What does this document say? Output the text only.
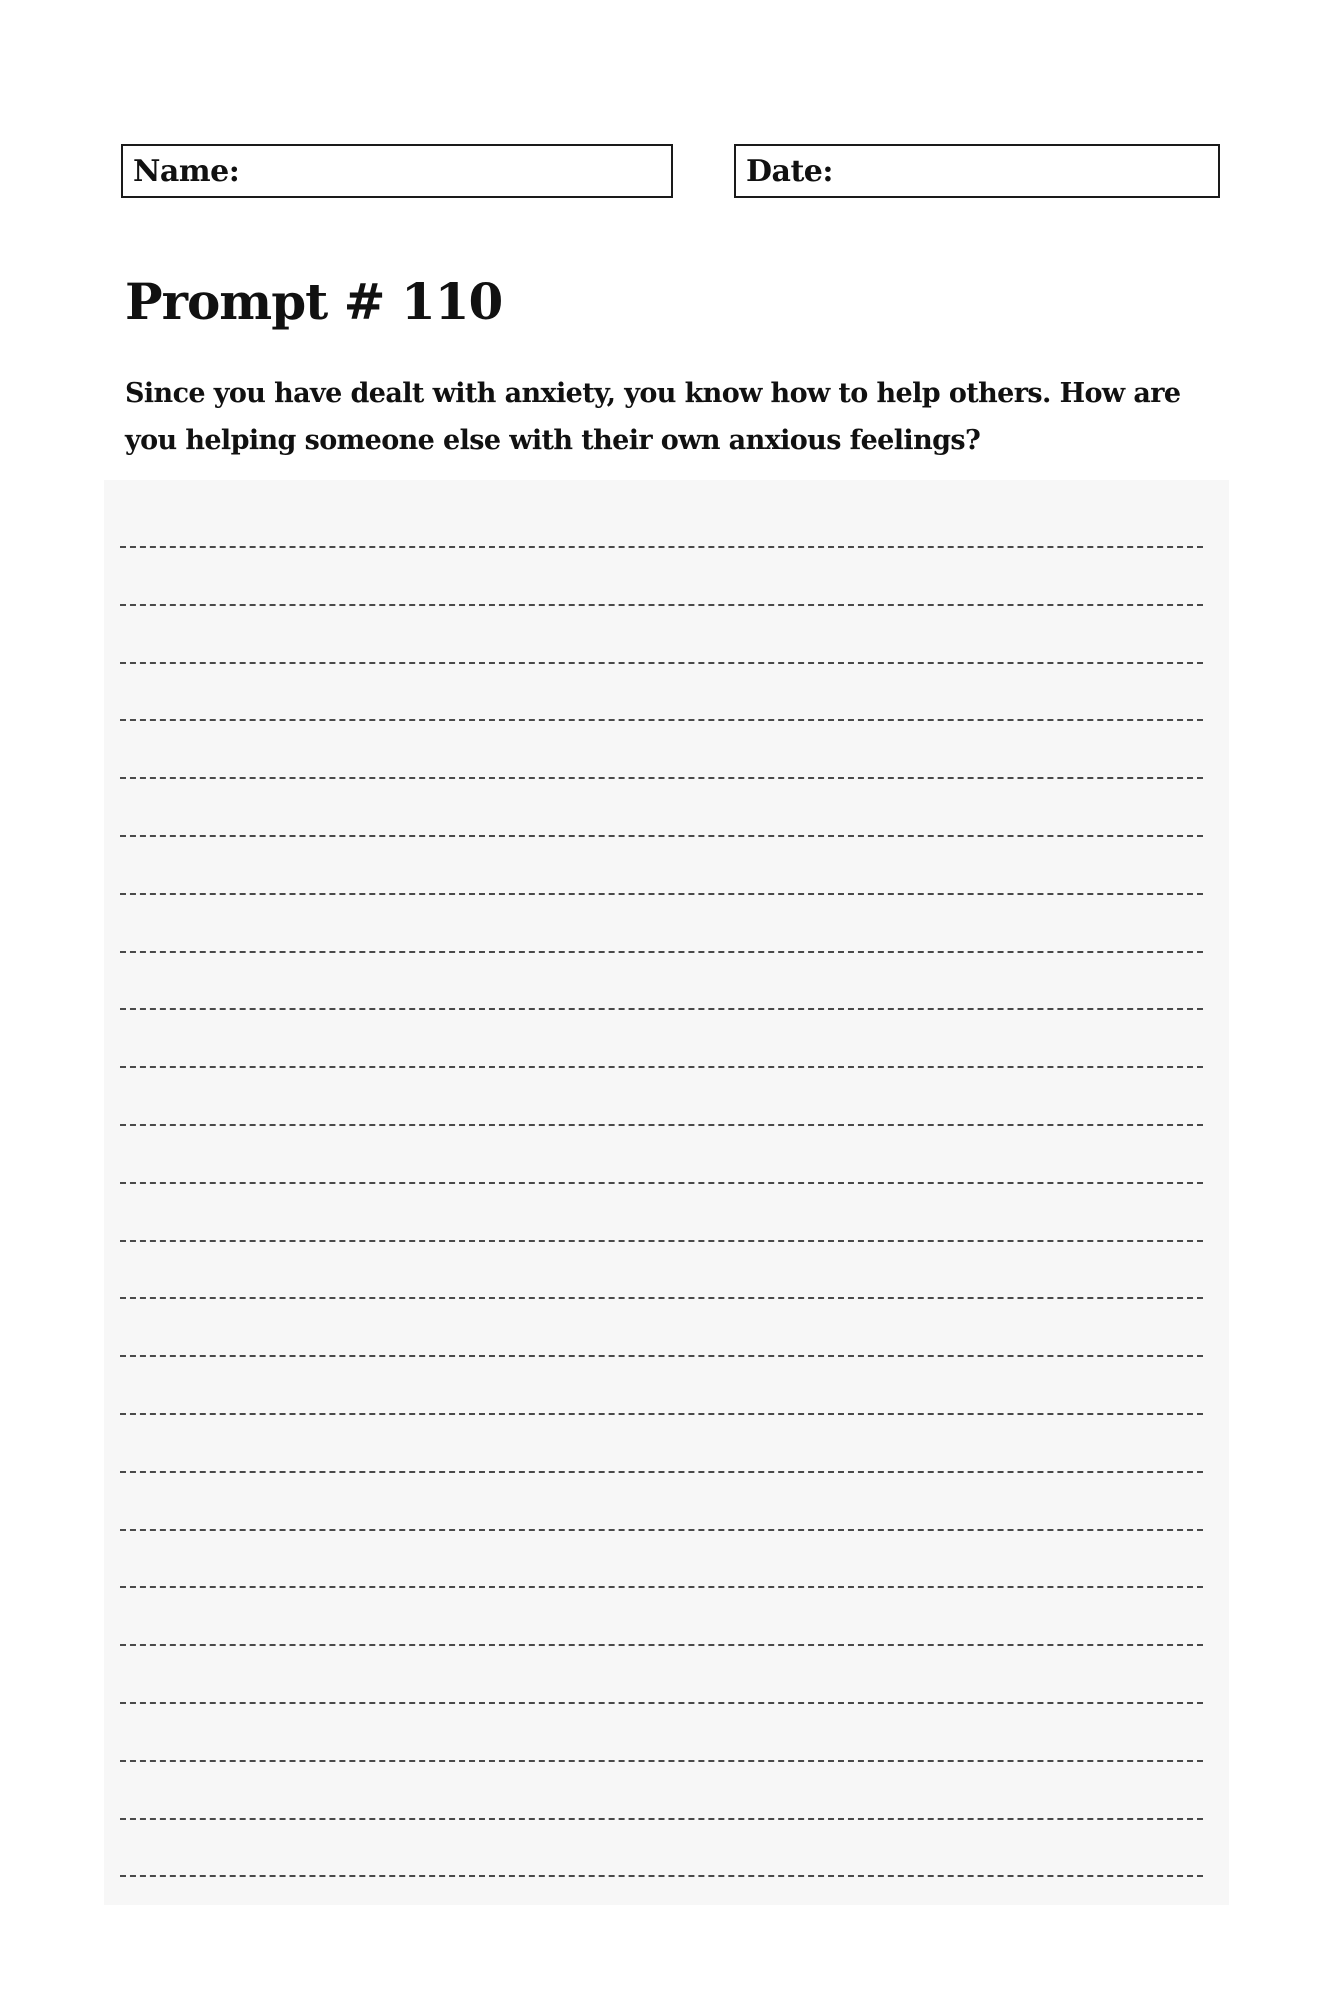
Name:	Date:
Prompt # 110

Since you have dealt with anxiety, you know how to help others. How are you helping someone else with their own anxious feelings?
